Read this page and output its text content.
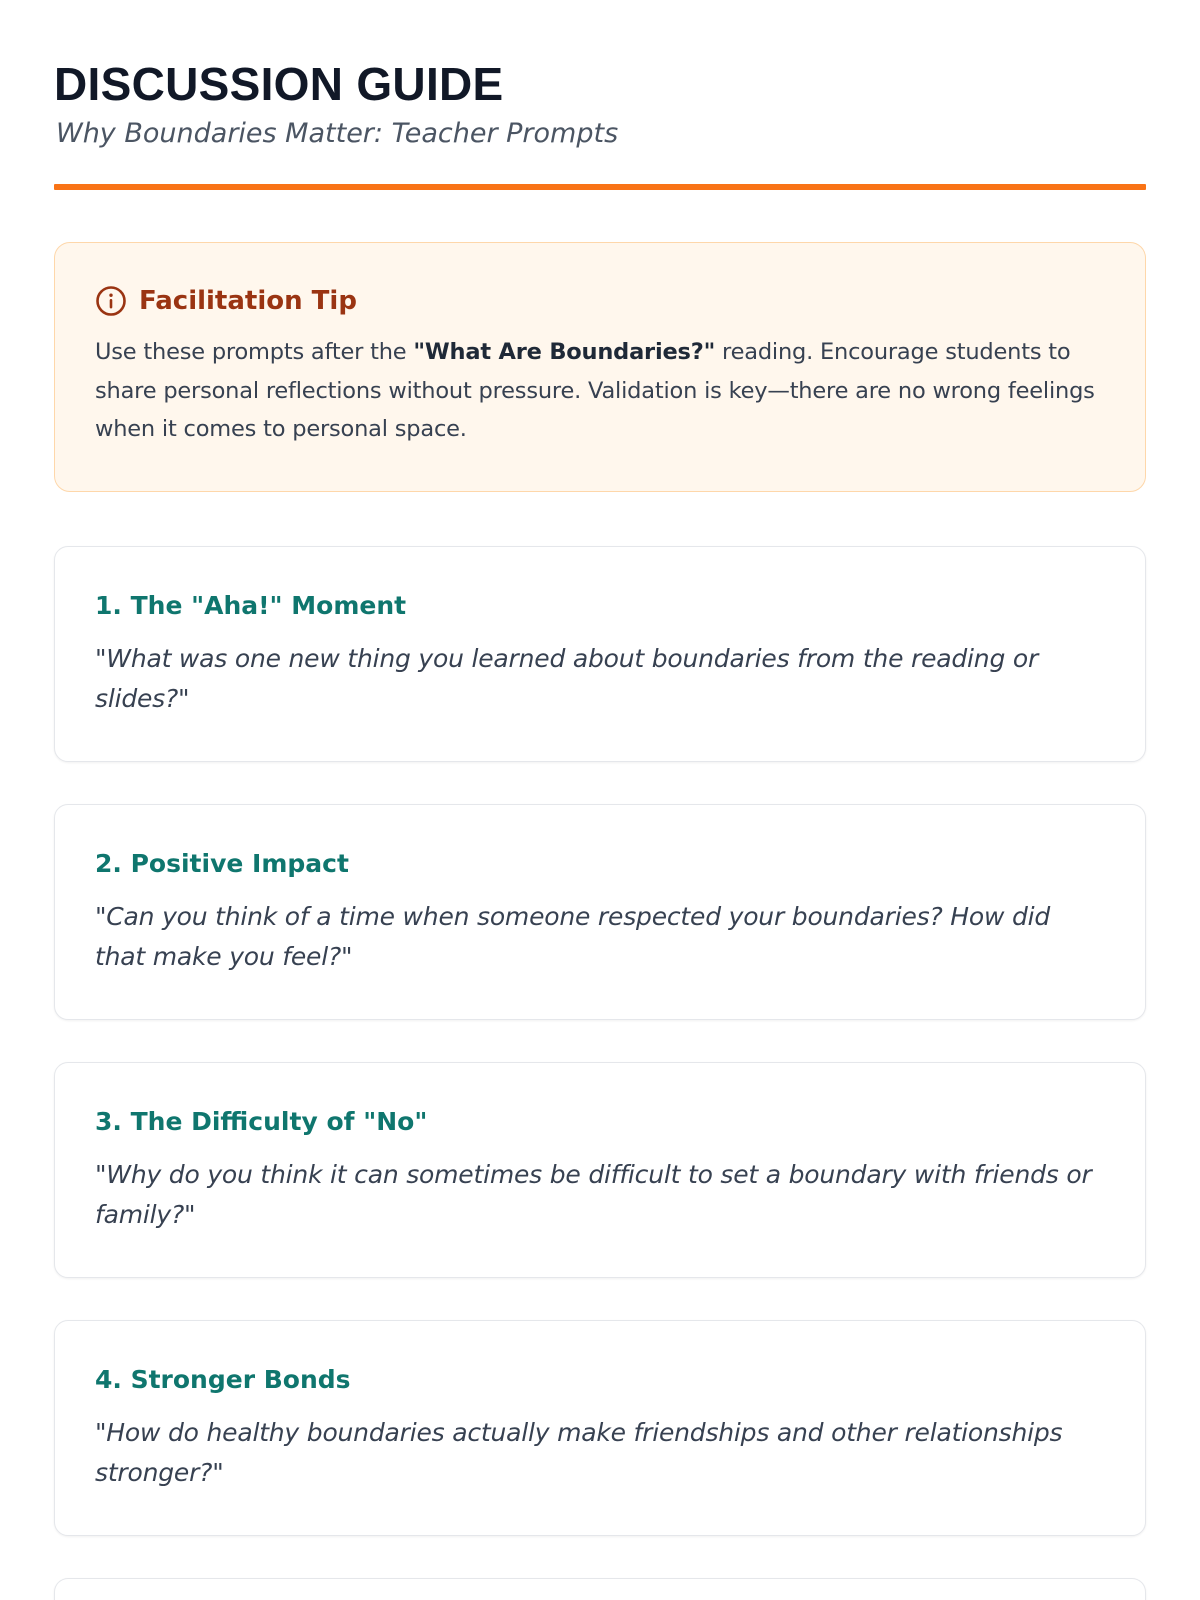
DISCUSSION GUIDE
Why Boundaries Matter: Teacher Prompts
Facilitation Tip
Use these prompts after the "What Are Boundaries?" reading. Encourage students to share personal reflections without pressure. Validation is key—there are no wrong feelings when it comes to personal space.
1. The "Aha!" Moment
"What was one new thing you learned about boundaries from the reading or slides?"
2. Positive Impact
"Can you think of a time when someone respected your boundaries? How did that make you feel?"
3. The Difficulty of "No"
"Why do you think it can sometimes be difficult to set a boundary with friends or family?"
4. Stronger Bonds
"How do healthy boundaries actually make friendships and other relationships stronger?"
